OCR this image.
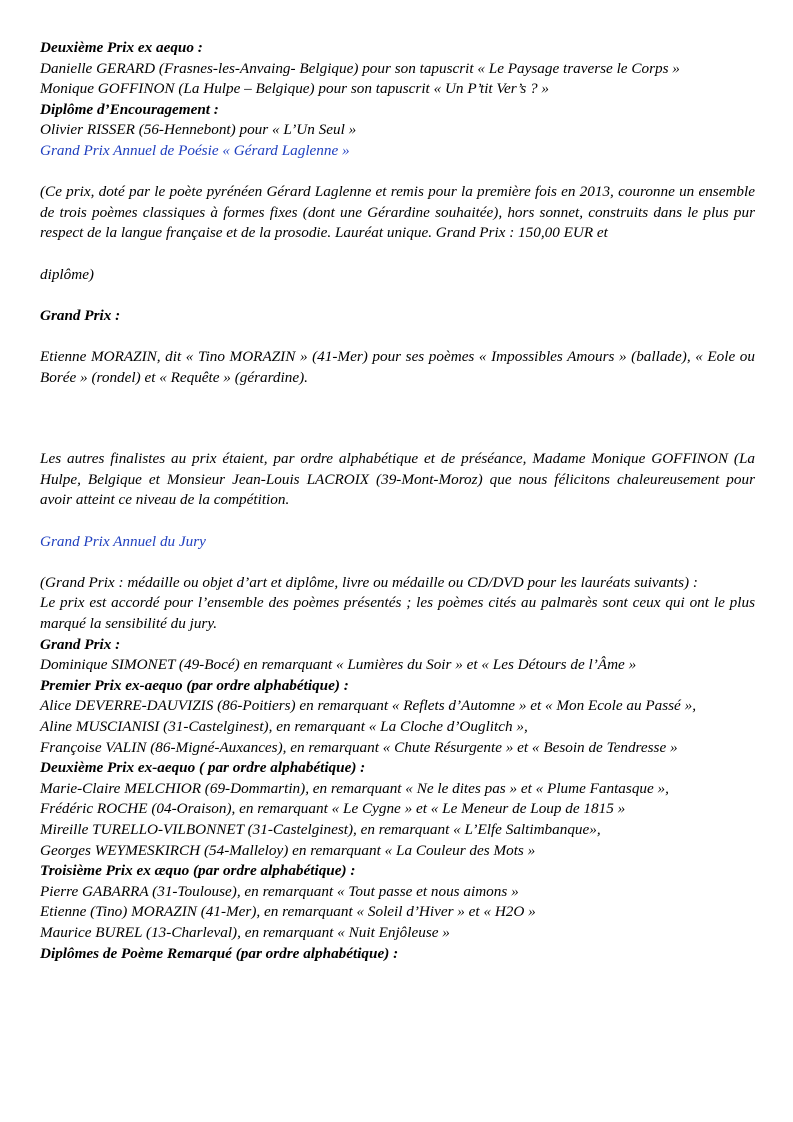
Deuxième Prix ex aequo :

Danielle GERARD (Frasnes-les-Anvaing- Belgique) pour son tapuscrit « Le Paysage traverse le Corps »

Monique GOFFINON (La Hulpe – Belgique) pour son tapuscrit « Un P’tit Ver’s ? »

Diplôme d’Encouragement :

Olivier RISSER (56-Hennebont) pour « L’Un Seul »

Grand Prix Annuel de Poésie « Gérard Laglenne »

(Ce prix, doté par le poète pyrénéen Gérard Laglenne et remis pour la première fois en 2013, couronne un ensemble de trois poèmes classiques à formes fixes (dont une Gérardine souhaitée), hors sonnet, construits dans le plus pur respect de la langue française et de la prosodie. Lauréat unique. Grand Prix : 150,00 EUR et

diplôme)

Grand Prix :

Etienne MORAZIN, dit « Tino MORAZIN » (41-Mer) pour ses poèmes « Impossibles Amours » (ballade), « Eole ou Borée » (rondel) et « Requête » (gérardine).

Les autres finalistes au prix étaient, par ordre alphabétique et de préséance, Madame Monique GOFFINON (La Hulpe, Belgique et Monsieur Jean-Louis LACROIX (39-Mont-Moroz) que nous félicitons chaleureusement pour avoir atteint ce niveau de la compétition.

Grand Prix Annuel du Jury

(Grand Prix : médaille ou objet d’art et diplôme, livre ou médaille ou CD/DVD pour les lauréats suivants) :

Le prix est accordé pour l’ensemble des poèmes présentés ; les poèmes cités au palmarès sont ceux qui ont le plus marqué la sensibilité du jury.

Grand Prix :

Dominique SIMONET (49-Bocé) en remarquant « Lumières du Soir » et « Les Détours de l’Âme »

Premier Prix ex-aequo (par ordre alphabétique) :

Alice DEVERRE-DAUVIZIS (86-Poitiers) en remarquant « Reflets d’Automne » et « Mon Ecole au Passé »,

Aline MUSCIANISI (31-Castelginest), en remarquant « La Cloche d’Ouglitch »,

Françoise VALIN (86-Migné-Auxances), en remarquant « Chute Résurgente » et « Besoin de Tendresse »

Deuxième Prix ex-aequo ( par ordre alphabétique) :

Marie-Claire MELCHIOR (69-Dommartin), en remarquant « Ne le dites pas » et « Plume Fantasque »,

Frédéric ROCHE (04-Oraison), en remarquant « Le Cygne » et « Le Meneur de Loup de 1815 »

Mireille TURELLO-VILBONNET (31-Castelginest), en remarquant « L’Elfe Saltimbanque»,

Georges WEYMESKIRCH (54-Malleloy) en remarquant « La Couleur des Mots »

Troisième Prix ex æquo (par ordre alphabétique) :

Pierre GABARRA (31-Toulouse), en remarquant « Tout passe et nous aimons »

Etienne (Tino) MORAZIN (41-Mer), en remarquant « Soleil d’Hiver » et « H2O »

Maurice BUREL (13-Charleval), en remarquant « Nuit Enjôleuse »

Diplômes de Poème Remarqué (par ordre alphabétique) :
